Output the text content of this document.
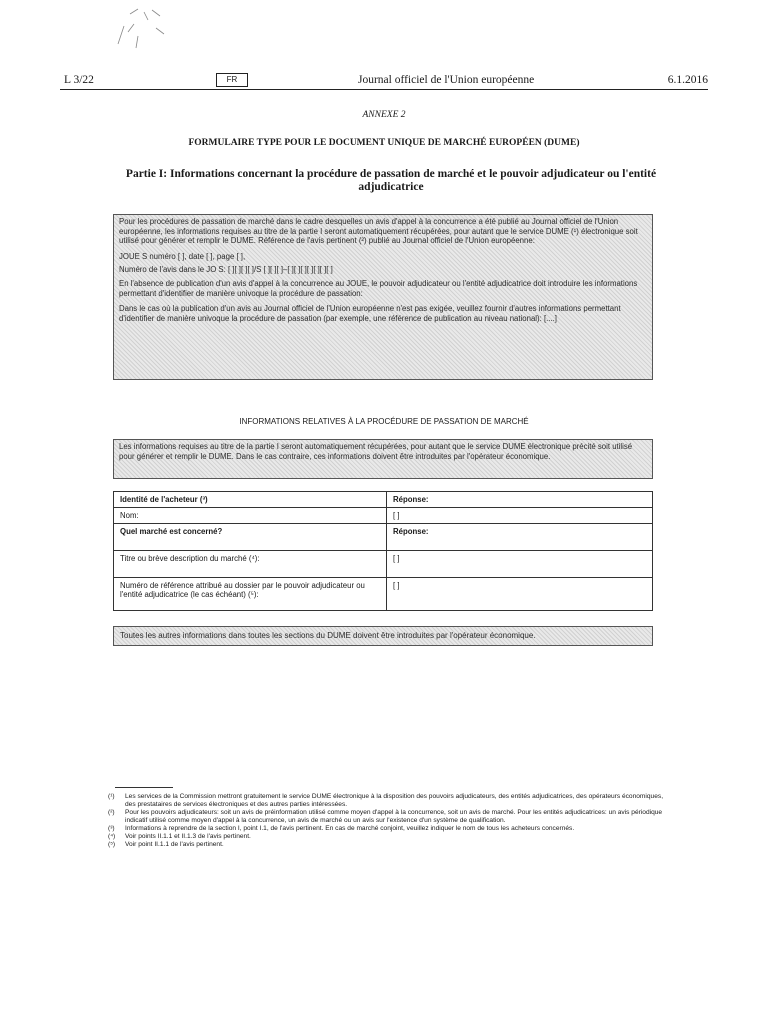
L 3/22	FR	Journal officiel de l'Union européenne	6.1.2016
ANNEXE 2
FORMULAIRE TYPE POUR LE DOCUMENT UNIQUE DE MARCHÉ EUROPÉEN (DUME)
Partie I: Informations concernant la procédure de passation de marché et le pouvoir adjudicateur ou l'entité adjudicatrice

Pour les procédures de passation de marché dans le cadre desquelles un avis d'appel à la concurrence a été publié au Journal officiel de l'Union européenne, les informations requises au titre de la partie I seront automatiquement récupérées, pour autant que le service DUME (¹) électronique soit utilisé pour générer et remplir le DUME. Référence de l'avis pertinent (²) publié au Journal officiel de l'Union européenne:

JOUE S numéro [ ], date [ ], page [ ],

Numéro de l'avis dans le JO S: [ ][ ][ ][ ]/S [ ][ ][ ]–[ ][ ][ ][ ][ ][ ][ ]

En l'absence de publication d'un avis d'appel à la concurrence au JOUE, le pouvoir adjudicateur ou l'entité adjudicatrice doit introduire les informations permettant d'identifier de manière univoque la procédure de passation:

Dans le cas où la publication d'un avis au Journal officiel de l'Union européenne n'est pas exigée, veuillez fournir d'autres informations permettant d'identifier de manière univoque la procédure de passation (par exemple, une référence de publication au niveau national): [....]

INFORMATIONS RELATIVES À LA PROCÉDURE DE PASSATION DE MARCHÉ
Les informations requises au titre de la partie I seront automatiquement récupérées, pour autant que le service DUME électronique précité soit utilisé pour générer et remplir le DUME. Dans le cas contraire, ces informations doivent être introduites par l'opérateur économique.
Identité de l'acheteur (³)	Réponse:
Nom:	[ ]
Quel marché est concerné?	Réponse:
Titre ou brève description du marché (⁴):	[ ]
Numéro de référence attribué au dossier par le pouvoir adjudicateur ou l'entité adjudicatrice (le cas échéant) (⁵):	[ ]
Toutes les autres informations dans toutes les sections du DUME doivent être introduites par l'opérateur économique.
(¹) Les services de la Commission mettront gratuitement le service DUME électronique à la disposition des pouvoirs adjudicateurs, des entités adjudicatrices, des opérateurs économiques, des prestataires de services électroniques et des autres parties intéressées.
(²) Pour les pouvoirs adjudicateurs: soit un avis de préinformation utilisé comme moyen d'appel à la concurrence, soit un avis de marché. Pour les entités adjudicatrices: un avis périodique indicatif utilisé comme moyen d'appel à la concurrence, un avis de marché ou un avis sur l'existence d'un système de qualification.
(³) Informations à reprendre de la section I, point I.1, de l'avis pertinent. En cas de marché conjoint, veuillez indiquer le nom de tous les acheteurs concernés.
(⁴) Voir points II.1.1 et II.1.3 de l'avis pertinent.
(⁵) Voir point II.1.1 de l'avis pertinent.
